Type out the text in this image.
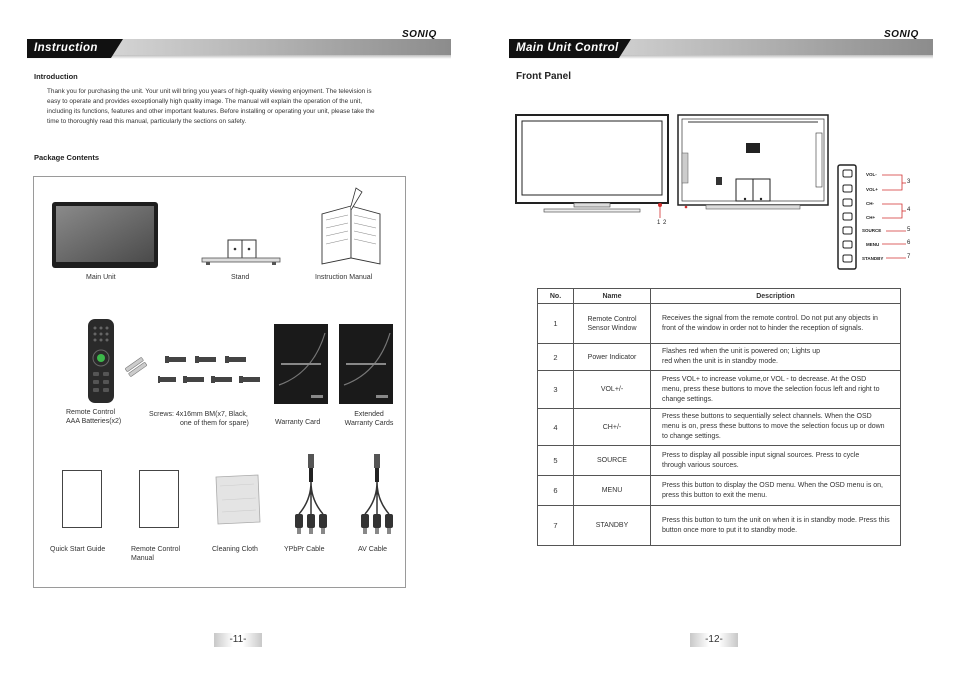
Instruction
SONIQ
Introduction
Thank you for purchasing the unit. Your unit will bring you years of high-quality viewing enjoyment. The television is
easy to operate and provides exceptionally high quality image. The manual will explain the operation of the unit,
including its functions, features and other important features. Before installing or operating your unit, please take the
time to thoroughly read this manual, particularly the sections on safety.
Package Contents
Main Unit	Stand	Instruction Manual
Remote Control
AAA Batteries(x2)
Screws: 4x16mm BM(x7, Black,
one of them for spare)	Warranty Card
Extended
Warranty Cards
Quick Start Guide	Remote Control
Manual
Cleaning Cloth	YPbPr Cable	AV Cable
-11-
Main Unit Control
SONIQ
Front Panel
1 2
VOL-
VOL+
CH-
CH+
SOURCE
MENU
STANDBY
3
4
5
6
7
No.	Name	Description
1	Remote Control Sensor Window	Receives the signal from the remote control. Do not put any objects in front of the window in order not to hinder the reception of signals.
2	Power Indicator	Flashes red when the unit is powered on; Lights up red when the unit is in standby mode.
3	VOL+/-	Press VOL+ to increase volume,or VOL - to decrease. At the OSD menu, press these buttons to move the selection focus left and right to change settings.
4	CH+/-	Press these buttons to sequentially select channels. When the OSD menu is on, press these buttons to move the selection focus up or down to change settings.
5	SOURCE	Press to display all possible input signal sources. Press to cycle through various sources.
6	MENU	Press this button to display the OSD menu. When the OSD menu is on, press this button to exit the menu.
7	STANDBY	Press this button to turn the unit on when it is in standby mode. Press this button once more to put it to standby mode.
-12-
